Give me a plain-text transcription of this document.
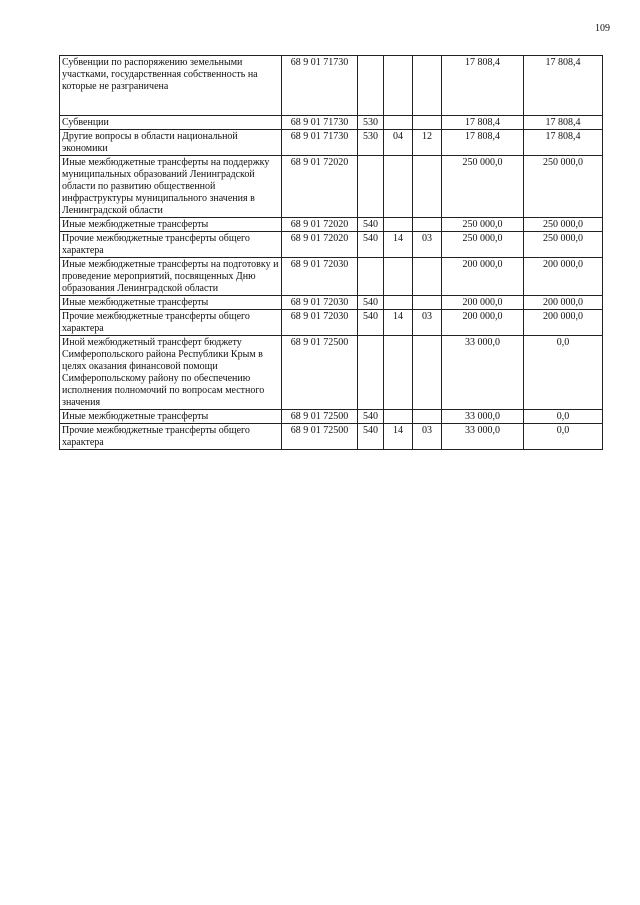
109
Субвенции по распоряжению земельными участками, государственная собственность на которые не разграничена	68 9 01 71730				17 808,4	17 808,4
Субвенции	68 9 01 71730	530			17 808,4	17 808,4
Другие вопросы в области национальной экономики	68 9 01 71730	530	04	12	17 808,4	17 808,4
Иные межбюджетные трансферты на поддержку муниципальных образований Ленинградской области по развитию общественной инфраструктуры муниципального значения в Ленинградской области	68 9 01 72020				250 000,0	250 000,0
Иные межбюджетные трансферты	68 9 01 72020	540			250 000,0	250 000,0
Прочие межбюджетные трансферты общего характера	68 9 01 72020	540	14	03	250 000,0	250 000,0
Иные межбюджетные трансферты на подготовку и проведение мероприятий, посвященных Дню образования Ленинградской области	68 9 01 72030				200 000,0	200 000,0
Иные межбюджетные трансферты	68 9 01 72030	540			200 000,0	200 000,0
Прочие межбюджетные трансферты общего характера	68 9 01 72030	540	14	03	200 000,0	200 000,0
Иной межбюджетный трансферт бюджету Симферопольского района Республики Крым в целях оказания финансовой помощи Симферопольскому району по обеспечению исполнения полномочий по вопросам местного значения	68 9 01 72500				33 000,0	0,0
Иные межбюджетные трансферты	68 9 01 72500	540			33 000,0	0,0
Прочие межбюджетные трансферты общего характера	68 9 01 72500	540	14	03	33 000,0	0,0
